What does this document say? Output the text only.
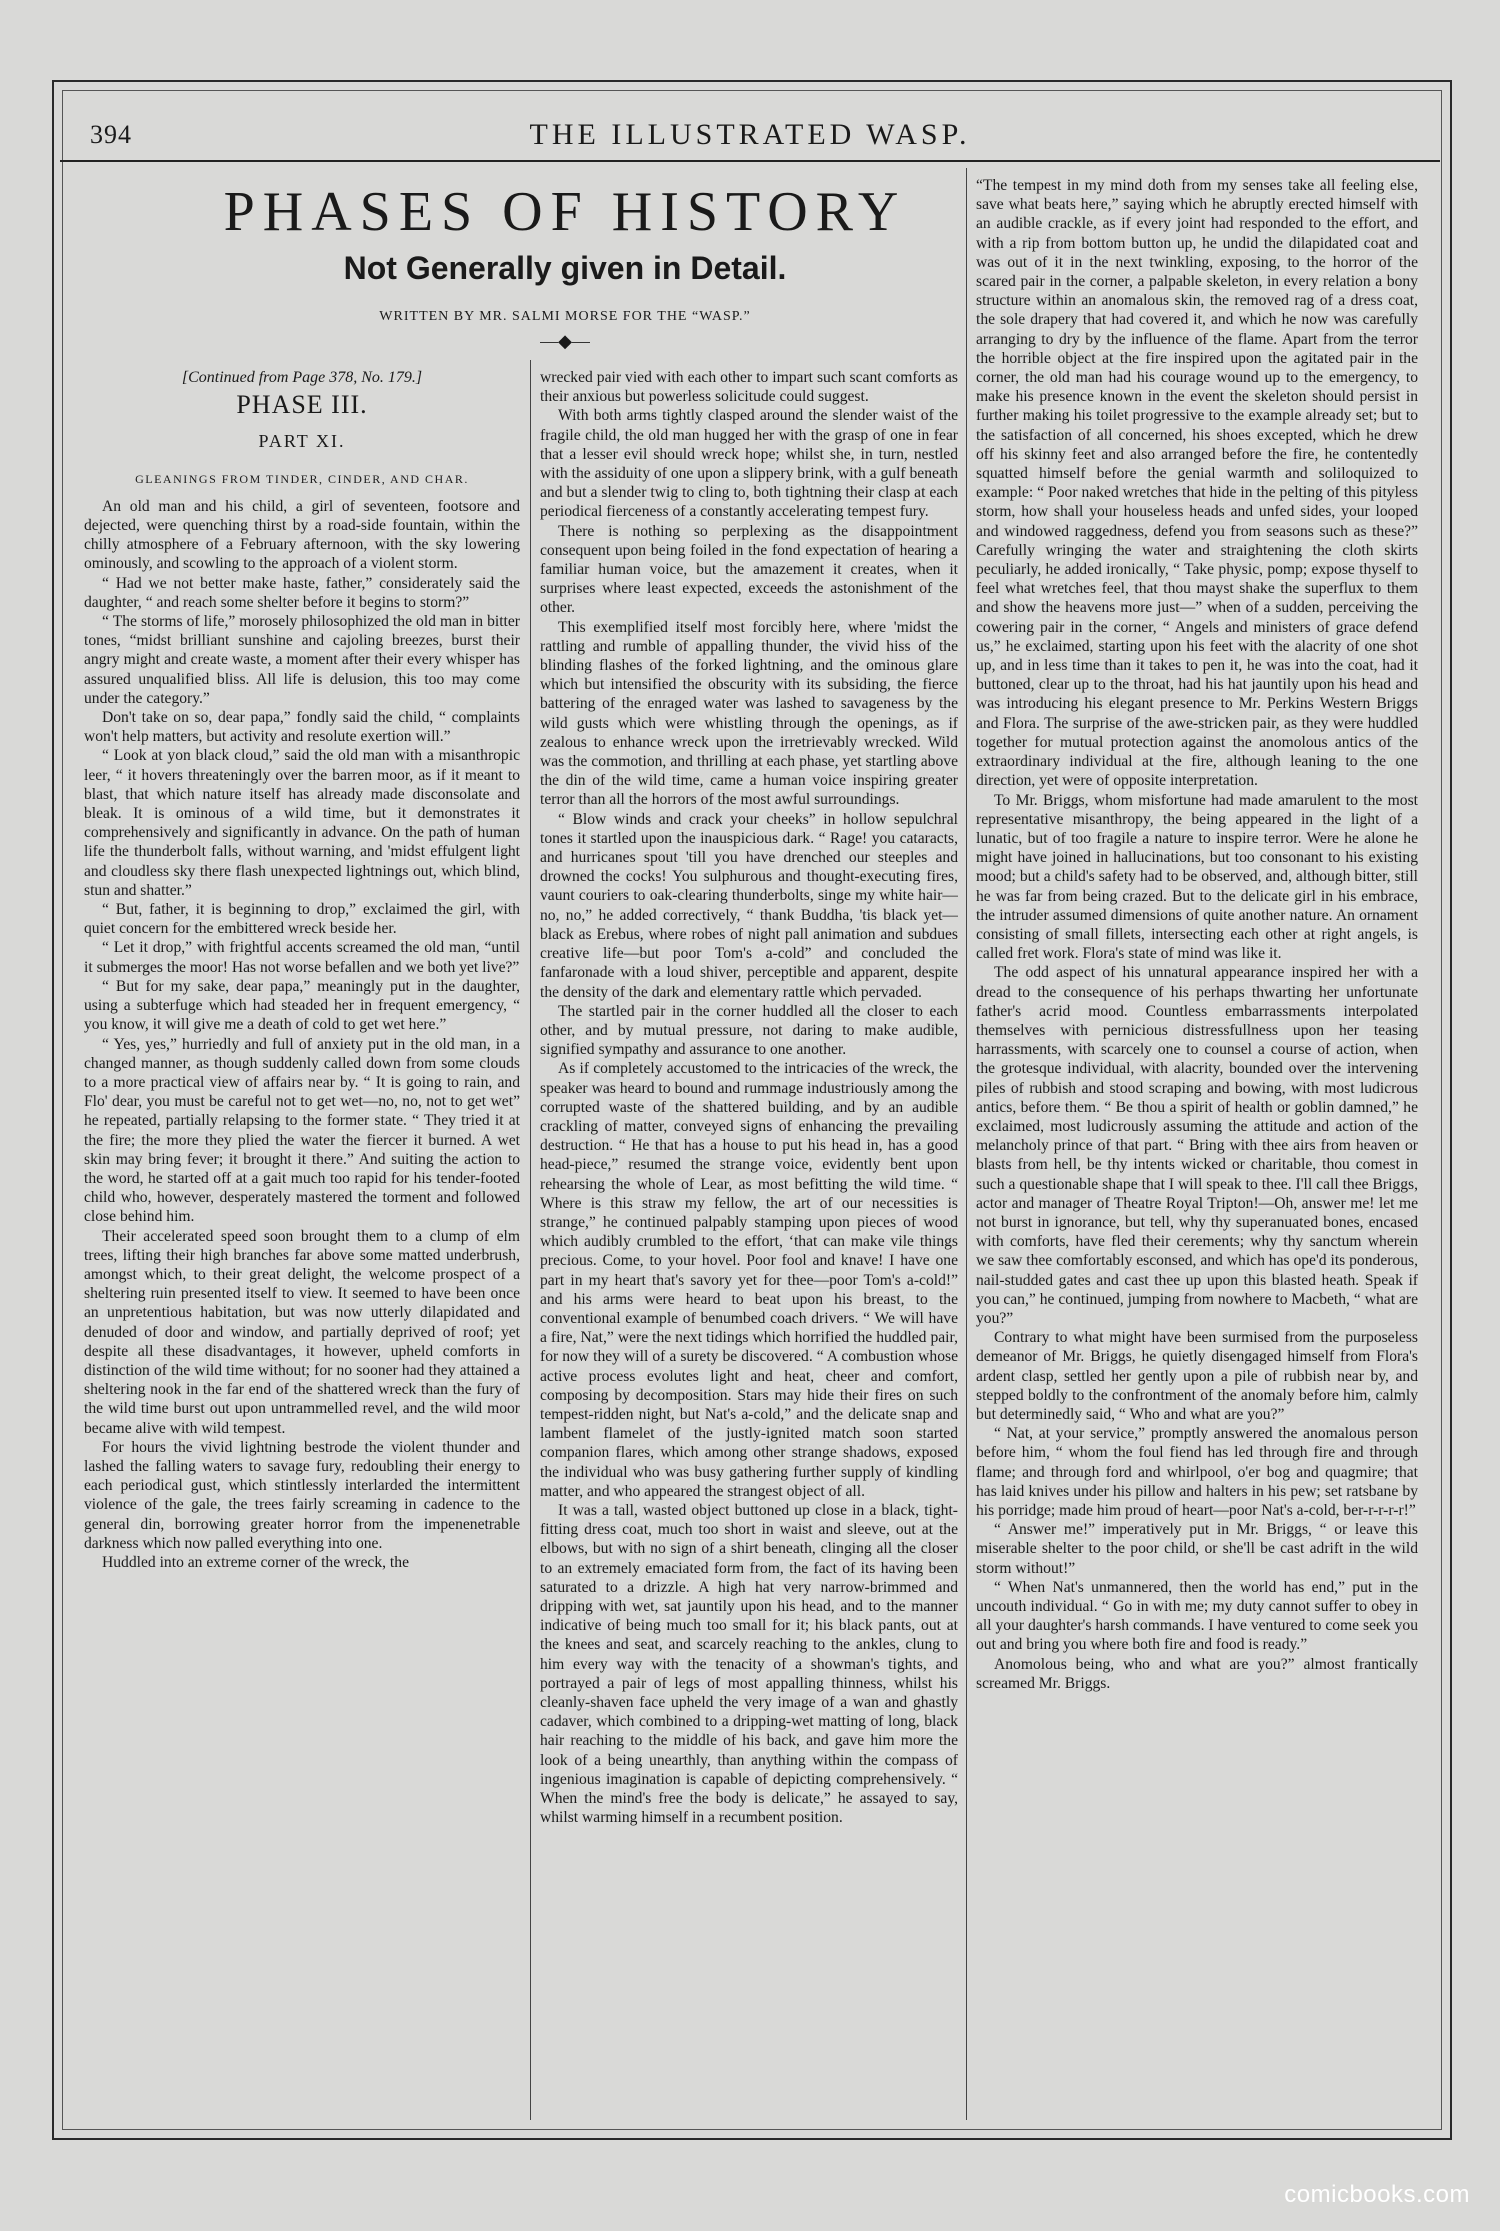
394	THE ILLUSTRATED WASP.
PHASES OF HISTORY
Not Generally given in Detail.
WRITTEN BY MR. SALMI MORSE FOR THE “WASP.”
―◆―
[Continued from Page 378, No. 179.]
PHASE III.
PART XI.
GLEANINGS FROM TINDER, CINDER, AND CHAR.

An old man and his child, a girl of seventeen, footsore and dejected, were quenching thirst by a road-side fountain, within the chilly atmosphere of a February afternoon, with the sky lowering ominously, and scowling to the approach of a violent storm.

“ Had we not better make haste, father,” considerately said the daughter, “ and reach some shelter before it begins to storm?”

“ The storms of life,” morosely philosophized the old man in bitter tones, “midst brilliant sunshine and cajoling breezes, burst their angry might and create waste, a moment after their every whisper has assured unqualified bliss. All life is delusion, this too may come under the category.”

Don't take on so, dear papa,” fondly said the child, “ complaints won't help matters, but activity and resolute exertion will.”

“ Look at yon black cloud,” said the old man with a misanthropic leer, “ it hovers threateningly over the barren moor, as if it meant to blast, that which nature itself has already made disconsolate and bleak. It is ominous of a wild time, but it demonstrates it comprehensively and significantly in advance. On the path of human life the thunderbolt falls, without warning, and 'midst effulgent light and cloudless sky there flash unexpected lightnings out, which blind, stun and shatter.”

“ But, father, it is beginning to drop,” exclaimed the girl, with quiet concern for the embittered wreck beside her.

“ Let it drop,” with frightful accents screamed the old man, “until it submerges the moor! Has not worse befallen and we both yet live?”

“ But for my sake, dear papa,” meaningly put in the daughter, using a subterfuge which had steaded her in frequent emergency, “ you know, it will give me a death of cold to get wet here.”

“ Yes, yes,” hurriedly and full of anxiety put in the old man, in a changed manner, as though suddenly called down from some clouds to a more practical view of affairs near by. “ It is going to rain, and Flo' dear, you must be careful not to get wet—no, no, not to get wet” he repeated, partially relapsing to the former state. “ They tried it at the fire; the more they plied the water the fiercer it burned. A wet skin may bring fever; it brought it there.” And suiting the action to the word, he started off at a gait much too rapid for his tender-footed child who, however, desperately mastered the torment and followed close behind him.

Their accelerated speed soon brought them to a clump of elm trees, lifting their high branches far above some matted underbrush, amongst which, to their great delight, the welcome prospect of a sheltering ruin presented itself to view. It seemed to have been once an unpretentious habitation, but was now utterly dilapidated and denuded of door and window, and partially deprived of roof; yet despite all these disadvantages, it however, upheld comforts in distinction of the wild time without; for no sooner had they attained a sheltering nook in the far end of the shattered wreck than the fury of the wild time burst out upon untrammelled revel, and the wild moor became alive with wild tempest.

For hours the vivid lightning bestrode the violent thunder and lashed the falling waters to savage fury, redoubling their energy to each periodical gust, which stintlessly interlarded the intermittent violence of the gale, the trees fairly screaming in cadence to the general din, borrowing greater horror from the impenenetrable darkness which now palled everything into one.

Huddled into an extreme corner of the wreck, the

wrecked pair vied with each other to impart such scant comforts as their anxious but powerless solicitude could suggest.

With both arms tightly clasped around the slender waist of the fragile child, the old man hugged her with the grasp of one in fear that a lesser evil should wreck hope; whilst she, in turn, nestled with the assiduity of one upon a slippery brink, with a gulf beneath and but a slender twig to cling to, both tightning their clasp at each periodical fierceness of a constantly accelerating tempest fury.

There is nothing so perplexing as the disappointment consequent upon being foiled in the fond expectation of hearing a familiar human voice, but the amazement it creates, when it surprises where least expected, exceeds the astonishment of the other.

This exemplified itself most forcibly here, where 'midst the rattling and rumble of appalling thunder, the vivid hiss of the blinding flashes of the forked lightning, and the ominous glare which but intensified the obscurity with its subsiding, the fierce battering of the enraged water was lashed to savageness by the wild gusts which were whistling through the openings, as if zealous to enhance wreck upon the irretrievably wrecked. Wild was the commotion, and thrilling at each phase, yet startling above the din of the wild time, came a human voice inspiring greater terror than all the horrors of the most awful surroundings.

“ Blow winds and crack your cheeks” in hollow sepulchral tones it startled upon the inauspicious dark. “ Rage! you cataracts, and hurricanes spout 'till you have drenched our steeples and drowned the cocks! You sulphurous and thought-executing fires, vaunt couriers to oak-clearing thunderbolts, singe my white hair—no, no,” he added correctively, “ thank Buddha, 'tis black yet—black as Erebus, where robes of night pall animation and subdues creative life—but poor Tom's a-cold” and concluded the fanfaronade with a loud shiver, perceptible and apparent, despite the density of the dark and elementary rattle which pervaded.

The startled pair in the corner huddled all the closer to each other, and by mutual pressure, not daring to make audible, signified sympathy and assurance to one another.

As if completely accustomed to the intricacies of the wreck, the speaker was heard to bound and rummage industriously among the corrupted waste of the shattered building, and by an audible crackling of matter, conveyed signs of enhancing the prevailing destruction. “ He that has a house to put his head in, has a good head-piece,” resumed the strange voice, evidently bent upon rehearsing the whole of Lear, as most befitting the wild time. “ Where is this straw my fellow, the art of our necessities is strange,” he continued palpably stamping upon pieces of wood which audibly crumbled to the effort, ‘that can make vile things precious. Come, to your hovel. Poor fool and knave! I have one part in my heart that's savory yet for thee—poor Tom's a-cold!” and his arms were heard to beat upon his breast, to the conventional example of benumbed coach drivers. “ We will have a fire, Nat,” were the next tidings which horrified the huddled pair, for now they will of a surety be discovered. “ A combustion whose active process evolutes light and heat, cheer and comfort, composing by decomposition. Stars may hide their fires on such tempest-ridden night, but Nat's a-cold,” and the delicate snap and lambent flamelet of the justly-ignited match soon started companion flares, which among other strange shadows, exposed the individual who was busy gathering further supply of kindling matter, and who appeared the strangest object of all.

It was a tall, wasted object buttoned up close in a black, tight-fitting dress coat, much too short in waist and sleeve, out at the elbows, but with no sign of a shirt beneath, clinging all the closer to an extremely emaciated form from, the fact of its having been saturated to a drizzle. A high hat very narrow-brimmed and dripping with wet, sat jauntily upon his head, and to the manner indicative of being much too small for it; his black pants, out at the knees and seat, and scarcely reaching to the ankles, clung to him every way with the tenacity of a showman's tights, and portrayed a pair of legs of most appalling thinness, whilst his cleanly-shaven face upheld the very image of a wan and ghastly cadaver, which combined to a dripping-wet matting of long, black hair reaching to the middle of his back, and gave him more the look of a being unearthly, than anything within the compass of ingenious imagination is capable of depicting comprehensively. “ When the mind's free the body is delicate,” he assayed to say, whilst warming himself in a recumbent position.

“The tempest in my mind doth from my senses take all feeling else, save what beats here,” saying which he abruptly erected himself with an audible crackle, as if every joint had responded to the effort, and with a rip from bottom button up, he undid the dilapidated coat and was out of it in the next twinkling, exposing, to the horror of the scared pair in the corner, a palpable skeleton, in every relation a bony structure within an anomalous skin, the removed rag of a dress coat, the sole drapery that had covered it, and which he now was carefully arranging to dry by the influence of the flame. Apart from the terror the horrible object at the fire inspired upon the agitated pair in the corner, the old man had his courage wound up to the emergency, to make his presence known in the event the skeleton should persist in further making his toilet progressive to the example already set; but to the satisfaction of all concerned, his shoes excepted, which he drew off his skinny feet and also arranged before the fire, he contentedly squatted himself before the genial warmth and soliloquized to example: “ Poor naked wretches that hide in the pelting of this pityless storm, how shall your houseless heads and unfed sides, your looped and windowed raggedness, defend you from seasons such as these?” Carefully wringing the water and straightening the cloth skirts peculiarly, he added ironically, “ Take physic, pomp; expose thyself to feel what wretches feel, that thou mayst shake the superflux to them and show the heavens more just—” when of a sudden, perceiving the cowering pair in the corner, “ Angels and ministers of grace defend us,” he exclaimed, starting upon his feet with the alacrity of one shot up, and in less time than it takes to pen it, he was into the coat, had it buttoned, clear up to the throat, had his hat jauntily upon his head and was introducing his elegant presence to Mr. Perkins Western Briggs and Flora. The surprise of the awe-stricken pair, as they were huddled together for mutual protection against the anomolous antics of the extraordinary individual at the fire, although leaning to the one direction, yet were of opposite interpretation.

To Mr. Briggs, whom misfortune had made amarulent to the most representative misanthropy, the being appeared in the light of a lunatic, but of too fragile a nature to inspire terror. Were he alone he might have joined in hallucinations, but too consonant to his existing mood; but a child's safety had to be observed, and, although bitter, still he was far from being crazed. But to the delicate girl in his embrace, the intruder assumed dimensions of quite another nature. An ornament consisting of small fillets, intersecting each other at right angels, is called fret work. Flora's state of mind was like it.

The odd aspect of his unnatural appearance inspired her with a dread to the consequence of his perhaps thwarting her unfortunate father's acrid mood. Countless embarrassments interpolated themselves with pernicious distressfullness upon her teasing harrassments, with scarcely one to counsel a course of action, when the grotesque individual, with alacrity, bounded over the intervening piles of rubbish and stood scraping and bowing, with most ludicrous antics, before them. “ Be thou a spirit of health or goblin damned,” he exclaimed, most ludicrously assuming the attitude and action of the melancholy prince of that part. “ Bring with thee airs from heaven or blasts from hell, be thy intents wicked or charitable, thou comest in such a questionable shape that I will speak to thee. I'll call thee Briggs, actor and manager of Theatre Royal Tripton!—Oh, answer me! let me not burst in ignorance, but tell, why thy superanuated bones, encased with comforts, have fled their cerements; why thy sanctum wherein we saw thee comfortably esconsed, and which has ope'd its ponderous, nail-studded gates and cast thee up upon this blasted heath. Speak if you can,” he continued, jumping from nowhere to Macbeth, “ what are you?”

Contrary to what might have been surmised from the purposeless demeanor of Mr. Briggs, he quietly disengaged himself from Flora's ardent clasp, settled her gently upon a pile of rubbish near by, and stepped boldly to the confrontment of the anomaly before him, calmly but determinedly said, “ Who and what are you?”

“ Nat, at your service,” promptly answered the anomalous person before him, “ whom the foul fiend has led through fire and through flame; and through ford and whirlpool, o'er bog and quagmire; that has laid knives under his pillow and halters in his pew; set ratsbane by his porridge; made him proud of heart—poor Nat's a-cold, ber-r-r-r-r!”

“ Answer me!” imperatively put in Mr. Briggs, “ or leave this miserable shelter to the poor child, or she'll be cast adrift in the wild storm without!”

“ When Nat's unmannered, then the world has end,” put in the uncouth individual. “ Go in with me; my duty cannot suffer to obey in all your daughter's harsh commands. I have ventured to come seek you out and bring you where both fire and food is ready.”

Anomolous being, who and what are you?” almost frantically screamed Mr. Briggs.

comicbooks.com
